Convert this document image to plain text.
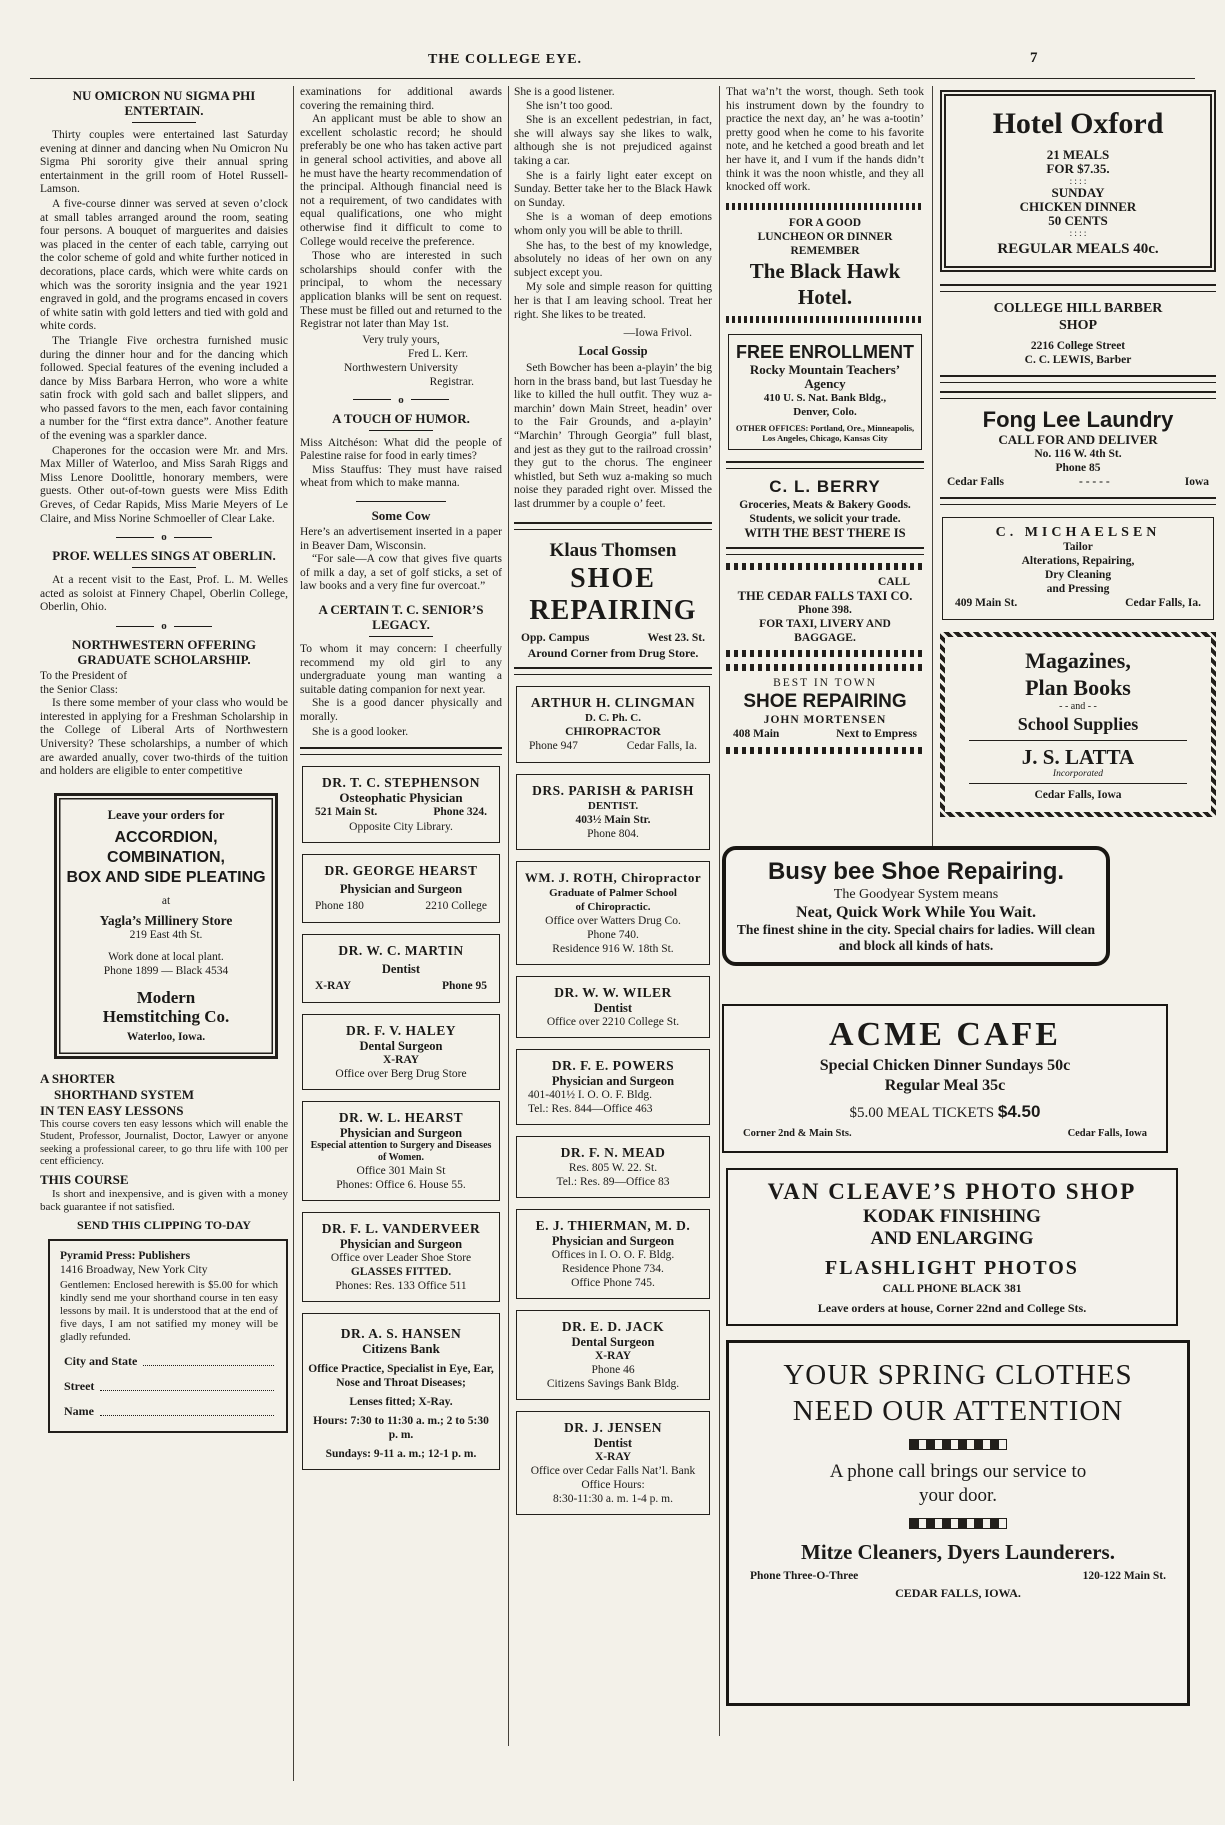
THE COLLEGE EYE.	7
NU OMICRON NU SIGMA PHI ENTERTAIN.

Thirty couples were entertained last Saturday evening at dinner and dancing when Nu Omicron Nu Sigma Phi sorority give their annual spring entertainment in the grill room of Hotel Russell-Lamson.

A five-course dinner was served at seven o’clock at small tables arranged around the room, seating four persons. A bouquet of marguerites and daisies was placed in the center of each table, carrying out the color scheme of gold and white further noticed in decorations, place cards, which were white cards on which was the sorority insignia and the year 1921 engraved in gold, and the programs encased in covers of white satin with gold letters and tied with gold and white cords.

The Triangle Five orchestra furnished music during the dinner hour and for the dancing which followed. Special features of the evening included a dance by Miss Barbara Herron, who wore a white satin frock with gold sach and ballet slippers, and who passed favors to the men, each favor containing a number for the “first extra dance”. Another feature of the evening was a sparkler dance.

Chaperones for the occasion were Mr. and Mrs. Max Miller of Waterloo, and Miss Sarah Riggs and Miss Lenore Doolittle, honorary members, were guests. Other out-of-town guests were Miss Edith Greves, of Cedar Rapids, Miss Marie Meyers of Le Claire, and Miss Norine Schmoeller of Clear Lake.

o
PROF. WELLES SINGS AT OBERLIN.

At a recent visit to the East, Prof. L. M. Welles acted as soloist at Finnery Chapel, Oberlin College, Oberlin, Ohio.

o
NORTHWESTERN OFFERING GRADUATE SCHOLARSHIP.

To the President of

the Senior Class:

Is there some member of your class who would be interested in applying for a Freshman Scholarship in the College of Liberal Arts of Northwestern University? These scholarships, a number of which are awarded anually, cover two-thirds of the tuition and holders are eligible to enter competitive

Leave your orders for
ACCORDION, COMBINATION,
BOX AND SIDE PLEATING
at
Yagla’s Millinery Store
219 East 4th St.
Work done at local plant.
Phone 1899 — Black 4534
Modern
Hemstitching Co.
Waterloo, Iowa.
A SHORTER
SHORTHAND SYSTEM
IN TEN EASY LESSONS

This course covers ten easy lessons which will enable the Student, Professor, Journalist, Doctor, Lawyer or anyone seeking a professional career, to go thru life with 100 per cent efficiency.

THIS COURSE

Is short and inexpensive, and is given with a money back guarantee if not satisfied.

SEND THIS CLIPPING TO-DAY
Pyramid Press: Publishers
1416 Broadway, New York City

Gentlemen: Enclosed herewith is $5.00 for which kindly send me your shorthand course in ten easy lessons by mail. It is understood that at the end of five days, I am not satified my money will be gladly refunded.

City and State
Street
Name

examinations for additional awards covering the remaining third.

An applicant must be able to show an excellent scholastic record; he should preferably be one who has taken active part in general school activities, and above all he must have the hearty recommendation of the principal. Although financial need is not a requirement, of two candidates with equal qualifications, one who might otherwise find it difficult to come to College would receive the preference.

Those who are interested in such scholarships should confer with the principal, to whom the necessary application blanks will be sent on request. These must be filled out and returned to the Registrar not later than May 1st.

Very truly yours,

Fred L. Kerr.

Northwestern University

Registrar.

o
A TOUCH OF HUMOR.

Miss Aitchéson: What did the people of Palestine raise for food in early times?

Miss Stauffus: They must have raised wheat from which to make manna.

Some Cow

Here’s an advertisement inserted in a paper in Beaver Dam, Wisconsin.

“For sale—A cow that gives five quarts of milk a day, a set of golf sticks, a set of law books and a very fine fur overcoat.”

A CERTAIN T. C. SENIOR’S LEGACY.

To whom it may concern: I cheerfully recommend my old girl to any undergraduate young man wanting a suitable dating companion for next year.

She is a good dancer physically and morally.

She is a good looker.

DR. T. C. STEPHENSON
Osteophatic Physician
521 Main St.	Phone 324.
Opposite City Library.
DR. GEORGE HEARST
Physician and Surgeon
Phone 180	2210 College
DR. W. C. MARTIN
Dentist
X-RAY	Phone 95
DR. F. V. HALEY
Dental Surgeon
X-RAY
Office over Berg Drug Store
DR. W. L. HEARST
Physician and Surgeon
Especial attention to Surgery and Diseases of Women.
Office 301 Main St
Phones: Office 6. House 55.
DR. F. L. VANDERVEER
Physician and Surgeon
Office over Leader Shoe Store
GLASSES FITTED.
Phones: Res. 133 Office 511
DR. A. S. HANSEN
Citizens Bank
Office Practice, Specialist in Eye, Ear, Nose and Throat Diseases;
Lenses fitted; X-Ray.
Hours: 7:30 to 11:30 a. m.; 2 to 5:30 p. m.
Sundays: 9-11 a. m.; 12-1 p. m.

She is a good listener.

She isn’t too good.

She is an excellent pedestrian, in fact, she will always say she likes to walk, although she is not prejudiced against taking a car.

She is a fairly light eater except on Sunday. Better take her to the Black Hawk on Sunday.

She is a woman of deep emotions whom only you will be able to thrill.

She has, to the best of my knowledge, absolutely no ideas of her own on any subject except you.

My sole and simple reason for quitting her is that I am leaving school. Treat her right. She likes to be treated.

—Iowa Frivol.

Local Gossip

Seth Bowcher has been a-playin’ the big horn in the brass band, but last Tuesday he like to killed the hull outfit. They wuz a-marchin’ down Main Street, headin’ over to the Fair Grounds, and a-playin’ “Marchin’ Through Georgia” full blast, and jest as they gut to the railroad crossin’ they gut to the chorus. The engineer whistled, but Seth wuz a-making so much noise they paraded right over. Missed the last drummer by a couple o’ feet.

Klaus Thomsen
SHOE
REPAIRING
Opp. Campus	West 23. St.
Around Corner from Drug Store.
ARTHUR H. CLINGMAN
D. C. Ph. C.
CHIROPRACTOR
Phone 947	Cedar Falls, Ia.
DRS. PARISH & PARISH
DENTIST.
403½ Main Str.
Phone 804.
WM. J. ROTH, Chiropractor
Graduate of Palmer School
of Chiropractic.
Office over Watters Drug Co.
Phone 740.
Residence 916 W. 18th St.
DR. W. W. WILER
Dentist
Office over 2210 College St.
DR. F. E. POWERS
Physician and Surgeon
401-401½ I. O. O. F. Bldg.
Tel.: Res. 844—Office 463
DR. F. N. MEAD
Res. 805 W. 22. St.
Tel.: Res. 89—Office 83
E. J. THIERMAN, M. D.
Physician and Surgeon
Offices in I. O. O. F. Bldg.
Residence Phone 734.
Office Phone 745.
DR. E. D. JACK
Dental Surgeon
X-RAY
Phone 46
Citizens Savings Bank Bldg.
DR. J. JENSEN
Dentist
X-RAY
Office over Cedar Falls Nat’l. Bank
Office Hours:
8:30-11:30 a. m. 1-4 p. m.

That wa’n’t the worst, though. Seth took his instrument down by the foundry to practice the next day, an’ he was a-tootin’ pretty good when he come to his favorite note, and he ketched a good breath and let her have it, and I vum if the hands didn’t think it was the noon whistle, and they all knocked off work.

FOR A GOOD
LUNCHEON OR DINNER
REMEMBER
The Black Hawk Hotel.
FREE ENROLLMENT
Rocky Mountain Teachers’
Agency
410 U. S. Nat. Bank Bldg.,
Denver, Colo.
OTHER OFFICES: Portland, Ore., Minneapolis, Los Angeles, Chicago, Kansas City
C. L. BERRY
Groceries, Meats & Bakery Goods.
Students, we solicit your trade.
WITH THE BEST THERE IS
CALL
THE CEDAR FALLS TAXI CO.
Phone 398.
FOR TAXI, LIVERY AND
BAGGAGE.
BEST IN TOWN
SHOE REPAIRING
JOHN MORTENSEN
408 Main	Next to Empress
Hotel Oxford
21 MEALS
FOR $7.35.
: : : :
SUNDAY
CHICKEN DINNER
50 CENTS
: : : :
REGULAR MEALS 40c.
COLLEGE HILL BARBER
SHOP
2216 College Street
C. C. LEWIS, Barber
Fong Lee Laundry
CALL FOR AND DELIVER
No. 116 W. 4th St.
Phone 85
Cedar Falls	- - - - -	Iowa
C. MICHAELSEN
Tailor
Alterations, Repairing,
Dry Cleaning
and Pressing
409 Main St.	Cedar Falls, Ia.
Magazines,
Plan Books
- - and - -
School Supplies
J. S. LATTA
Incorporated
Cedar Falls, Iowa
Busy bee Shoe Repairing.
The Goodyear System means
Neat, Quick Work While You Wait.
The finest shine in the city. Special chairs for ladies. Will clean and block all kinds of hats.
ACME CAFE
Special Chicken Dinner Sundays 50c
Regular Meal 35c
$5.00 MEAL TICKETS $4.50
Corner 2nd & Main Sts.	Cedar Falls, Iowa
VAN CLEAVE’S PHOTO SHOP
KODAK FINISHING
AND ENLARGING
FLASHLIGHT PHOTOS
CALL PHONE BLACK 381
Leave orders at house, Corner 22nd and College Sts.
YOUR SPRING CLOTHES
NEED OUR ATTENTION
A phone call brings our service to
your door.
Mitze Cleaners, Dyers Launderers.
Phone Three-O-Three	120-122 Main St.
CEDAR FALLS, IOWA.
